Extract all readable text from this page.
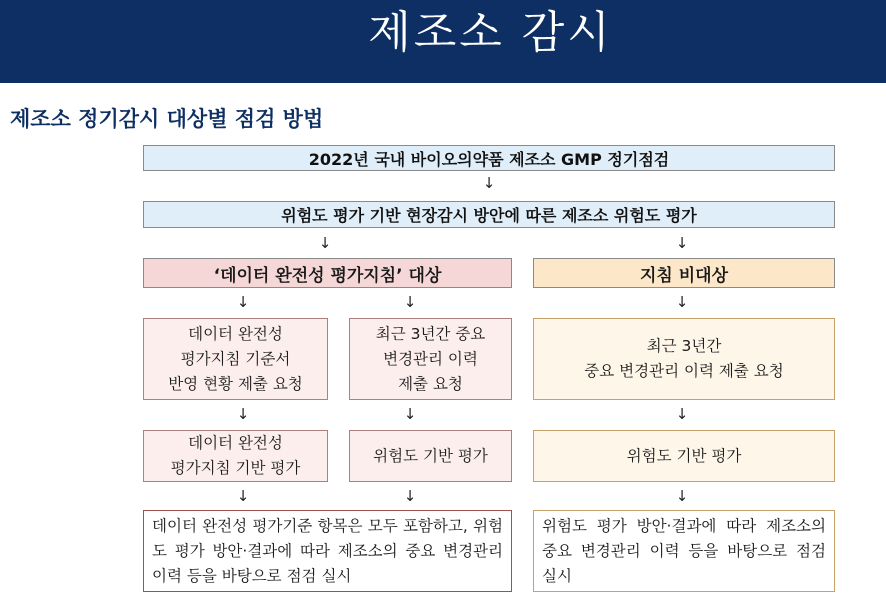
제조소 감시
제조소 정기감시 대상별 점검 방법
2022년 국내 바이오의약품 제조소 GMP 정기점검
↓
위험도 평가 기반 현장감시 방안에 따른 제조소 위험도 평가
↓	↓
‘데이터 완전성 평가지침’ 대상	지침 비대상
↓	↓	↓
데이터 완전성
평가지침 기준서
반영 현황 제출 요청
최근 3년간 중요
변경관리 이력
제출 요청
최근 3년간
중요 변경관리 이력 제출 요청
↓	↓	↓
데이터 완전성
평가지침 기반 평가
위험도 기반 평가	위험도 기반 평가
↓	↓	↓
데이터 완전성 평가기준 항목은 모두 포함하고, 위험도 평가 방안·결과에 따라 제조소의 중요 변경관리 이력 등을 바탕으로 점검 실시
위험도 평가 방안·결과에 따라 제조소의 중요 변경관리 이력 등을 바탕으로 점검 실시
